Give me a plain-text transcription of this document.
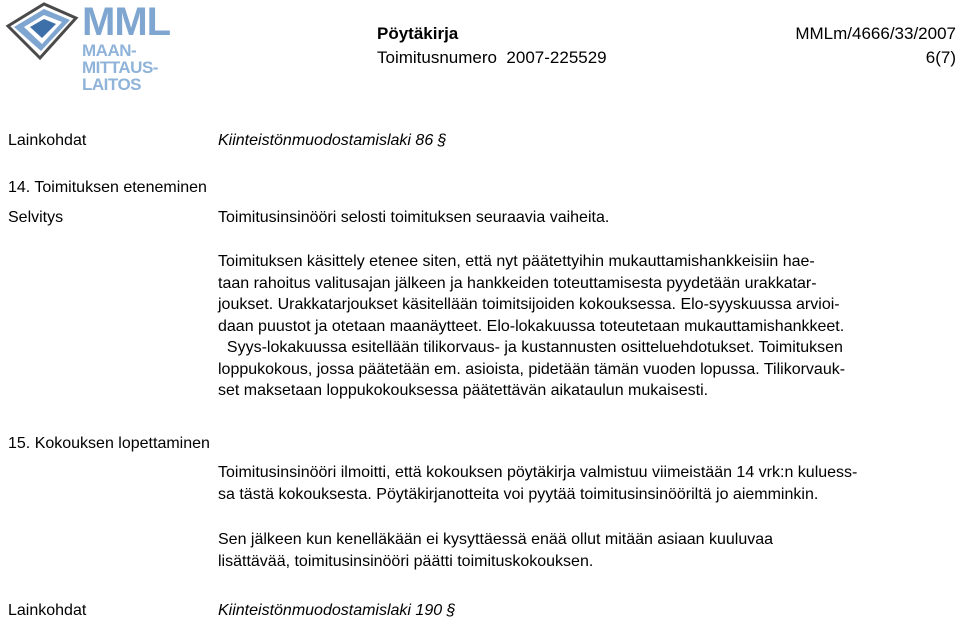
MML
MAAN-
MITTAUS-
LAITOS
Pöytäkirja	MMLm/4666/33/2007
Toimitusnumero  2007-225529	6(7)
Lainkohdat	Kiinteistönmuodostamislaki 86 §
14. Toimituksen eteneminen
Selvitys	Toimitusinsinööri selosti toimituksen seuraavia vaiheita.
Toimituksen käsittely etenee siten, että nyt päätettyihin mukauttamishankkeisiin hae-
taan rahoitus valitusajan jälkeen ja hankkeiden toteuttamisesta pyydetään urakkatar-
joukset. Urakkatarjoukset käsitellään toimitsijoiden kokouksessa. Elo-syyskuussa arvioi-
daan puustot ja otetaan maanäytteet. Elo-lokakuussa toteutetaan mukauttamishankkeet.
Syys-lokakuussa esitellään tilikorvaus- ja kustannusten ositteluehdotukset. Toimituksen
loppukokous, jossa päätetään em. asioista, pidetään tämän vuoden lopussa. Tilikorvauk-
set maksetaan loppukokouksessa päätettävän aikataulun mukaisesti.
15. Kokouksen lopettaminen
Toimitusinsinööri ilmoitti, että kokouksen pöytäkirja valmistuu viimeistään 14 vrk:n kuluess-
sa tästä kokouksesta. Pöytäkirjanotteita voi pyytää toimitusinsinööriltä jo aiemminkin.
Sen jälkeen kun kenelläkään ei kysyttäessä enää ollut mitään asiaan kuuluvaa
lisättävää, toimitusinsinööri päätti toimituskokouksen.
Lainkohdat	Kiinteistönmuodostamislaki 190 §
